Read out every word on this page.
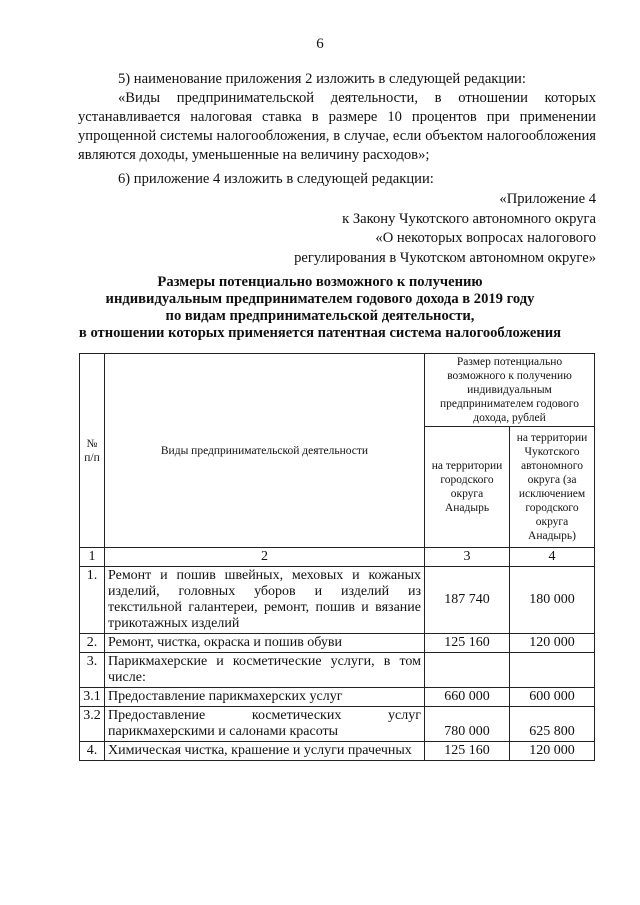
6

5) наименование приложения 2 изложить в следующей редакции:

«Виды предпринимательской деятельности, в отношении которых устанавливается налоговая ставка в размере 10 процентов при применении упрощенной системы налогообложения, в случае, если объектом налогообложения являются доходы, уменьшенные на величину расходов»;

6) приложение 4 изложить в следующей редакции:

«Приложение 4
к Закону Чукотского автономного округа
«О некоторых вопросах налогового
регулирования в Чукотском автономном округе»
Размеры потенциально возможного к получению
индивидуальным предпринимателем годового дохода в 2019 году
по видам предпринимательской деятельности,
в отношении которых применяется патентная система налогообложения
№ п/п	Виды предпринимательской деятельности	Размер потенциально возможного к получению индивидуальным предпринимателем годового дохода, рублей	
		на территории городского округа Анадырь	на территории Чукотского автономного округа (за исключением городского округа Анадырь)
1	2	3	4
1.	Ремонт и пошив швейных, меховых и кожаных изделий, головных уборов и изделий из текстильной галантереи, ремонт, пошив и вязание трикотажных изделий	187 740	180 000
2.	Ремонт, чистка, окраска и пошив обуви	125 160	120 000
3.	Парикмахерские и косметические услуги, в том числе:		
3.1	Предоставление парикмахерских услуг	660 000	600 000
3.2	Предоставление косметических услуг парикмахерскими и салонами красоты	780 000	625 800
4.	Химическая чистка, крашение и услуги прачечных	125 160	120 000
